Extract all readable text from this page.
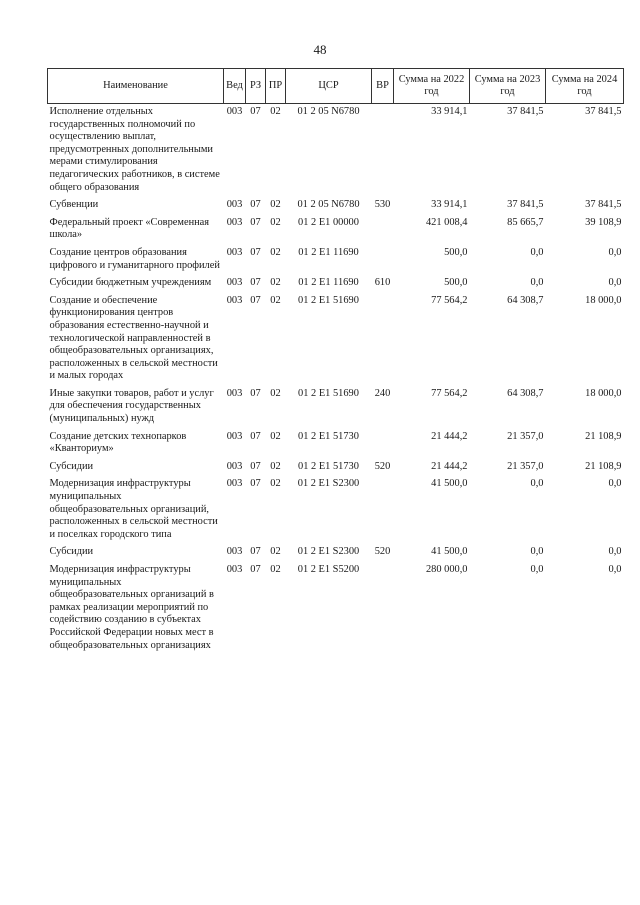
48
Наименование	Вед	РЗ	ПР	ЦСР	ВР	Сумма на 2022 год	Сумма на 2023 год	Сумма на 2024 год
Исполнение отдельных государственных полномочий по осуществлению выплат, предусмотренных дополнительными мерами стимулирования педагогических работников, в системе общего образования	003	07	02	01 2 05 N6780		33 914,1	37 841,5	37 841,5
Субвенции	003	07	02	01 2 05 N6780	530	33 914,1	37 841,5	37 841,5
Федеральный проект «Современная школа»	003	07	02	01 2 E1 00000		421 008,4	85 665,7	39 108,9
Создание центров образования цифрового и гуманитарного профилей	003	07	02	01 2 E1 11690		500,0	0,0	0,0
Субсидии бюджетным учреждениям	003	07	02	01 2 E1 11690	610	500,0	0,0	0,0
Создание и обеспечение функционирования центров образования естественно-научной и технологической направленностей в общеобразовательных организациях, расположенных в сельской местности и малых городах	003	07	02	01 2 E1 51690		77 564,2	64 308,7	18 000,0
Иные закупки товаров, работ и услуг для обеспечения государственных (муниципальных) нужд	003	07	02	01 2 E1 51690	240	77 564,2	64 308,7	18 000,0
Создание детских технопарков «Кванториум»	003	07	02	01 2 E1 51730		21 444,2	21 357,0	21 108,9
Субсидии	003	07	02	01 2 E1 51730	520	21 444,2	21 357,0	21 108,9
Модернизация инфраструктуры муниципальных общеобразовательных организаций, расположенных в сельской местности и поселках городского типа	003	07	02	01 2 E1 S2300		41 500,0	0,0	0,0
Субсидии	003	07	02	01 2 E1 S2300	520	41 500,0	0,0	0,0
Модернизация инфраструктуры муниципальных общеобразовательных организаций в рамках реализации мероприятий по содействию созданию в субъектах Российской Федерации новых мест в общеобразовательных организациях	003	07	02	01 2 E1 S5200		280 000,0	0,0	0,0
